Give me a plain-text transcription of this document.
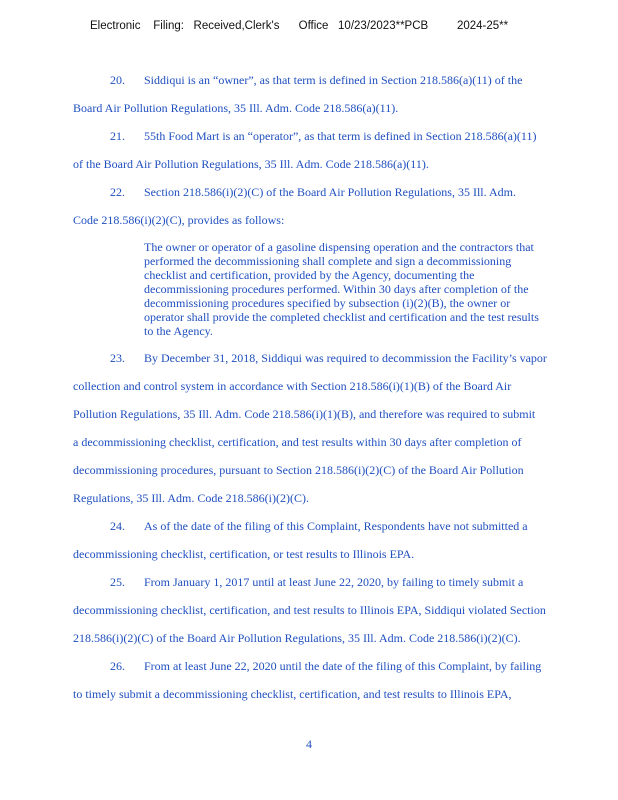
Electronic    Filing:   Received,Clerk's      Office   10/23/2023**PCB         2024-25**
20. Siddiqui is an “owner”, as that term is defined in Section 218.586(a)(11) of the
Board Air Pollution Regulations, 35 Ill. Adm. Code 218.586(a)(11).
21. 55th Food Mart is an “operator”, as that term is defined in Section 218.586(a)(11)
of the Board Air Pollution Regulations, 35 Ill. Adm. Code 218.586(a)(11).
22. Section 218.586(i)(2)(C) of the Board Air Pollution Regulations, 35 Ill. Adm.
Code 218.586(i)(2)(C), provides as follows:
The owner or operator of a gasoline dispensing operation and the contractors that
performed the decommissioning shall complete and sign a decommissioning
checklist and certification, provided by the Agency, documenting the
decommissioning procedures performed. Within 30 days after completion of the
decommissioning procedures specified by subsection (i)(2)(B), the owner or
operator shall provide the completed checklist and certification and the test results
to the Agency.
23. By December 31, 2018, Siddiqui was required to decommission the Facility’s vapor
collection and control system in accordance with Section 218.586(i)(1)(B) of the Board Air
Pollution Regulations, 35 Ill. Adm. Code 218.586(i)(1)(B), and therefore was required to submit
a decommissioning checklist, certification, and test results within 30 days after completion of
decommissioning procedures, pursuant to Section 218.586(i)(2)(C) of the Board Air Pollution
Regulations, 35 Ill. Adm. Code 218.586(i)(2)(C).
24. As of the date of the filing of this Complaint, Respondents have not submitted a
decommissioning checklist, certification, or test results to Illinois EPA.
25. From January 1, 2017 until at least June 22, 2020, by failing to timely submit a
decommissioning checklist, certification, and test results to Illinois EPA, Siddiqui violated Section
218.586(i)(2)(C) of the Board Air Pollution Regulations, 35 Ill. Adm. Code 218.586(i)(2)(C).
26. From at least June 22, 2020 until the date of the filing of this Complaint, by failing
to timely submit a decommissioning checklist, certification, and test results to Illinois EPA,
4
